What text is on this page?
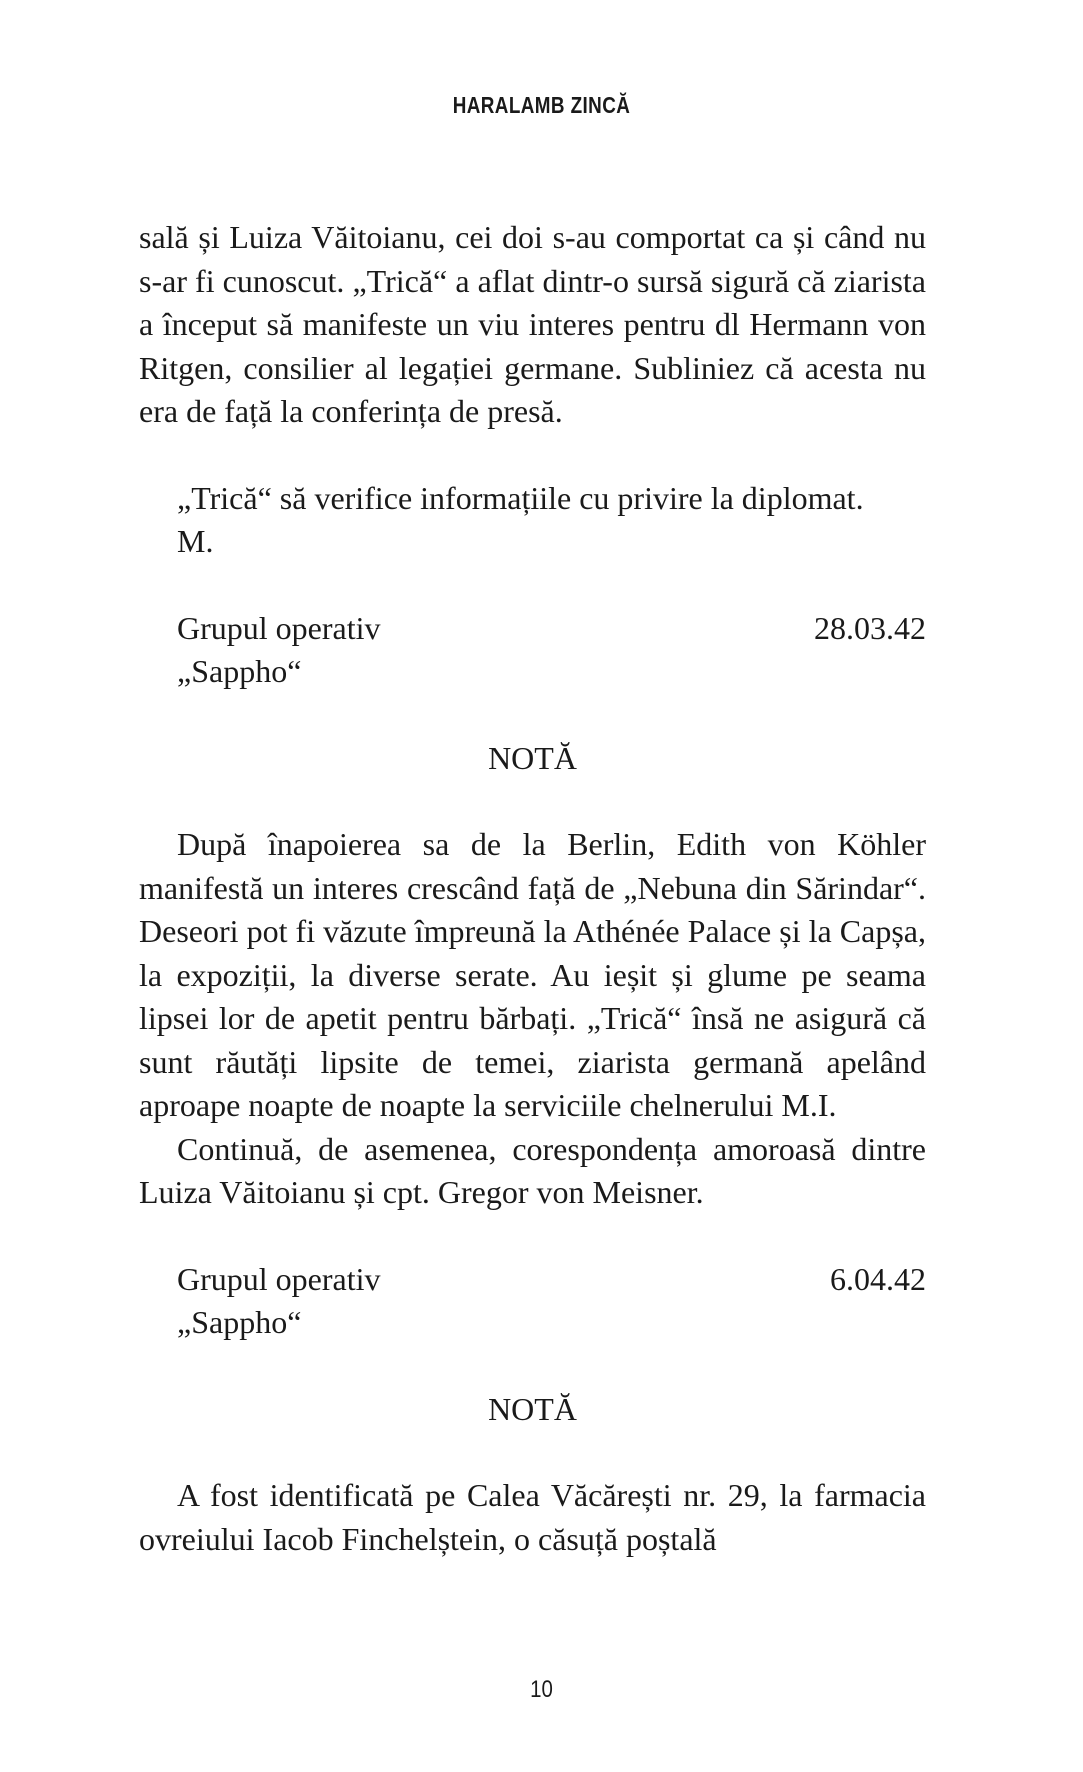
HARALAMB ZINCĂ

sală și Luiza Văitoianu, cei doi s-au comportat ca și când nu s-ar fi cunoscut. „Trică“ a aflat dintr-o sursă sigură că ziarista a început să manifeste un viu interes pentru dl Hermann von Ritgen, consilier al legației germane. Subliniez că acesta nu era de față la conferința de presă.

„Trică“ să verifice informațiile cu privire la diplomat.
M.
Grupul operativ	28.03.42
„Sappho“
NOTĂ

După înapoierea sa de la Berlin, Edith von Köhler manifestă un interes crescând față de „Nebuna din Sărindar“. Deseori pot fi văzute împreună la Athénée Palace și la Capșa, la expoziții, la diverse serate. Au ieșit și glume pe seama lipsei lor de apetit pentru bărbați. „Trică“ însă ne asigură că sunt răutăți lipsite de temei, ziarista germană apelând aproape noapte de noapte la serviciile chelnerului M.I.

Continuă, de asemenea, corespondența amoroasă dintre Luiza Văitoianu și cpt. Gregor von Meisner.

Grupul operativ	6.04.42
„Sappho“
NOTĂ

A fost identificată pe Calea Văcărești nr. 29, la farmacia ovreiului Iacob Finchelștein, o căsuță poștală

10
